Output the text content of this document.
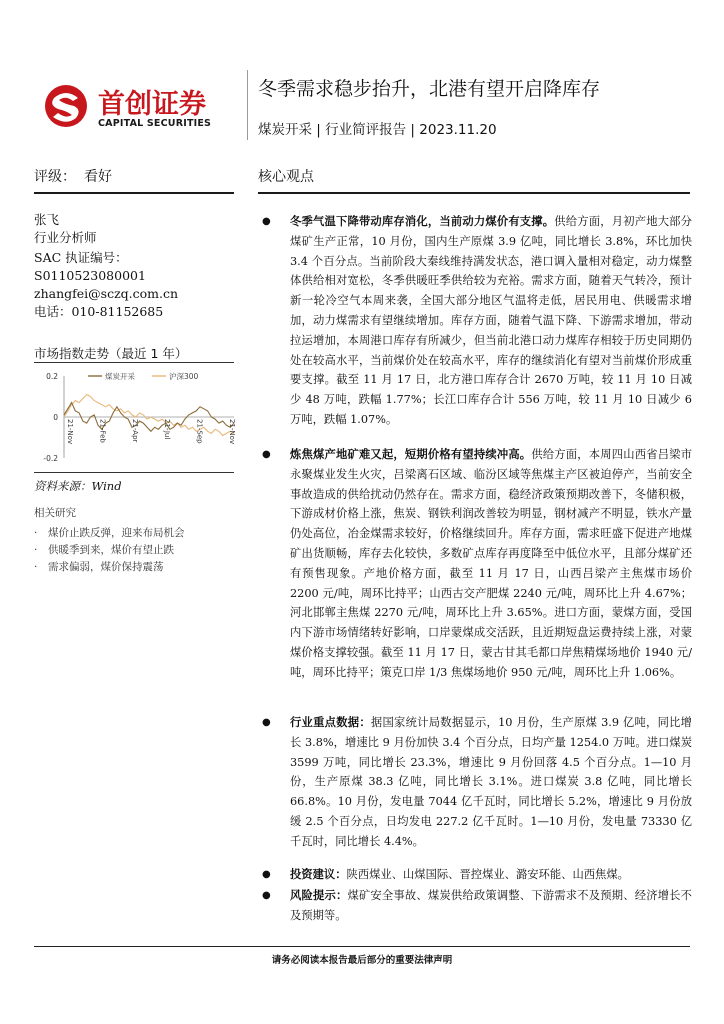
首创证券
CAPITAL SECURITIES
冬季需求稳步抬升，北港有望开启降库存
煤炭开采 | 行业简评报告 | 2023.11.20
评级： 看好	核心观点
张飞
行业分析师
SAC 执证编号：
S0110523080001
zhangfei@sczq.com.cn
电话：010-81152685
市场指数走势（最近 1 年）
煤炭开采	沪深300
0.2
0
-0.2
21-Nov	21-Feb	21-Apr	21-Jul	21-Sep	21-Nov
资料来源：Wind
相关研究
· 煤价止跌反弹，迎来布局机会
· 供暖季到来，煤价有望止跌
· 需求偏弱，煤价保持震荡
● 冬季气温下降带动库存消化，当前动力煤价有支撑。供给方面，月初产地大部分煤矿生产正常，10 月份，国内生产原煤 3.9 亿吨，同比增长 3.8%，环比加快 3.4 个百分点。当前阶段大秦线维持满发状态，港口调入量相对稳定，动力煤整体供给相对宽松，冬季供暖旺季供给较为充裕。需求方面，随着天气转冷，预计新一轮冷空气本周来袭，全国大部分地区气温将走低，居民用电、供暖需求增加，动力煤需求有望继续增加。库存方面，随着气温下降、下游需求增加，带动拉运增加，本周港口库存有所减少，但当前北港口动力煤库存相较于历史同期仍处在较高水平，当前煤价处在较高水平，库存的继续消化有望对当前煤价形成重要支撑。截至 11 月 17 日，北方港口库存合计 2670 万吨，较 11 月 10 日减少 48 万吨，跌幅 1.77%；长江口库存合计 556 万吨，较 11 月 10 日减少 6 万吨，跌幅 1.07%。
● 炼焦煤产地矿难又起，短期价格有望持续冲高。供给方面，本周四山西省吕梁市永聚煤业发生火灾，吕梁离石区域、临汾区域等焦煤主产区被迫停产，当前安全事故造成的供给扰动仍然存在。需求方面，稳经济政策预期改善下，冬储积极，下游成材价格上涨，焦炭、钢铁利润改善较为明显，钢材减产不明显，铁水产量仍处高位，冶金煤需求较好，价格继续回升。库存方面，需求旺盛下促进产地煤矿出货顺畅，库存去化较快，多数矿点库存再度降至中低位水平，且部分煤矿还有预售现象。产地价格方面，截至 11 月 17 日，山西吕梁产主焦煤市场价 2200 元/吨，周环比持平；山西古交产肥煤 2240 元/吨，周环比上升 4.67%；河北邯郸主焦煤 2270 元/吨，周环比上升 3.65%。进口方面，蒙煤方面，受国内下游市场情绪转好影响，口岸蒙煤成交活跃，且近期短盘运费持续上涨，对蒙煤价格支撑较强。截至 11 月 17 日，蒙古甘其毛都口岸焦精煤场地价 1940 元/吨，周环比持平；策克口岸 1/3 焦煤场地价 950 元/吨，周环比上升 1.06%。
● 行业重点数据：据国家统计局数据显示，10 月份，生产原煤 3.9 亿吨，同比增长 3.8%，增速比 9 月份加快 3.4 个百分点，日均产量 1254.0 万吨。进口煤炭 3599 万吨，同比增长 23.3%，增速比 9 月份回落 4.5 个百分点。1—10 月份，生产原煤 38.3 亿吨，同比增长 3.1%。进口煤炭 3.8 亿吨，同比增长 66.8%。10 月份，发电量 7044 亿千瓦时，同比增长 5.2%，增速比 9 月份放缓 2.5 个百分点，日均发电 227.2 亿千瓦时。1—10 月份，发电量 73330 亿千瓦时，同比增长 4.4%。
● 投资建议：陕西煤业、山煤国际、晋控煤业、潞安环能、山西焦煤。
● 风险提示：煤矿安全事故、煤炭供给政策调整、下游需求不及预期、经济增长不及预期等。
请务必阅读本报告最后部分的重要法律声明
